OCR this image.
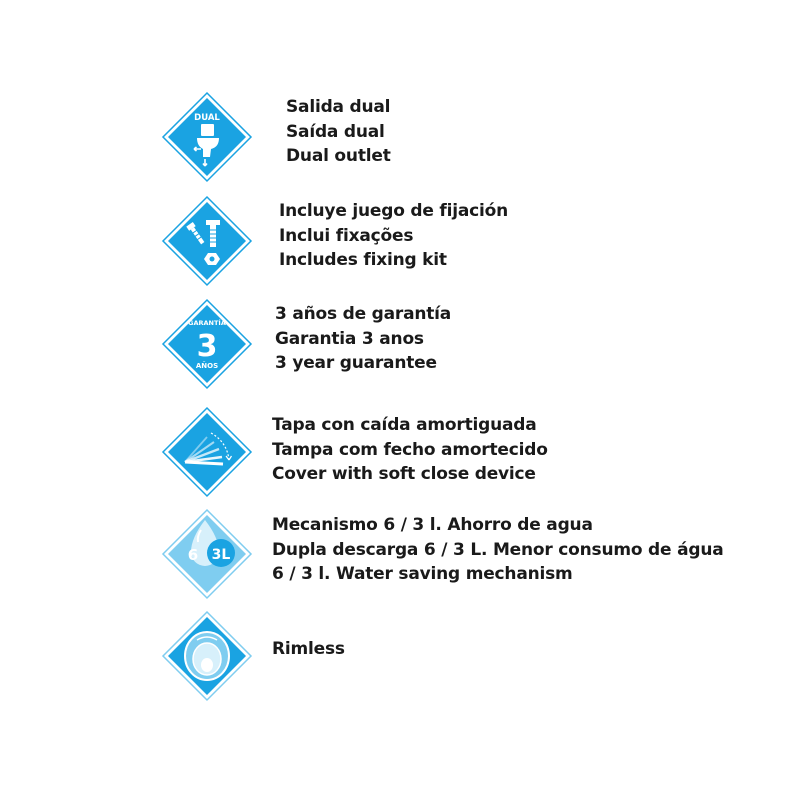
DUAL
Salida dual
Saída dual
Dual outlet
Incluye juego de fijación
Inclui fixações
Includes fixing kit
GARANTÍA
3
AÑOS
3 años de garantía
Garantia 3 anos
3 year guarantee
Tapa con caída amortiguada
Tampa com fecho amortecido
Cover with soft close device
6 3L
Mecanismo 6 / 3 l. Ahorro de agua
Dupla descarga 6 / 3 L. Menor consumo de água
6 / 3 l. Water saving mechanism
Rimless
